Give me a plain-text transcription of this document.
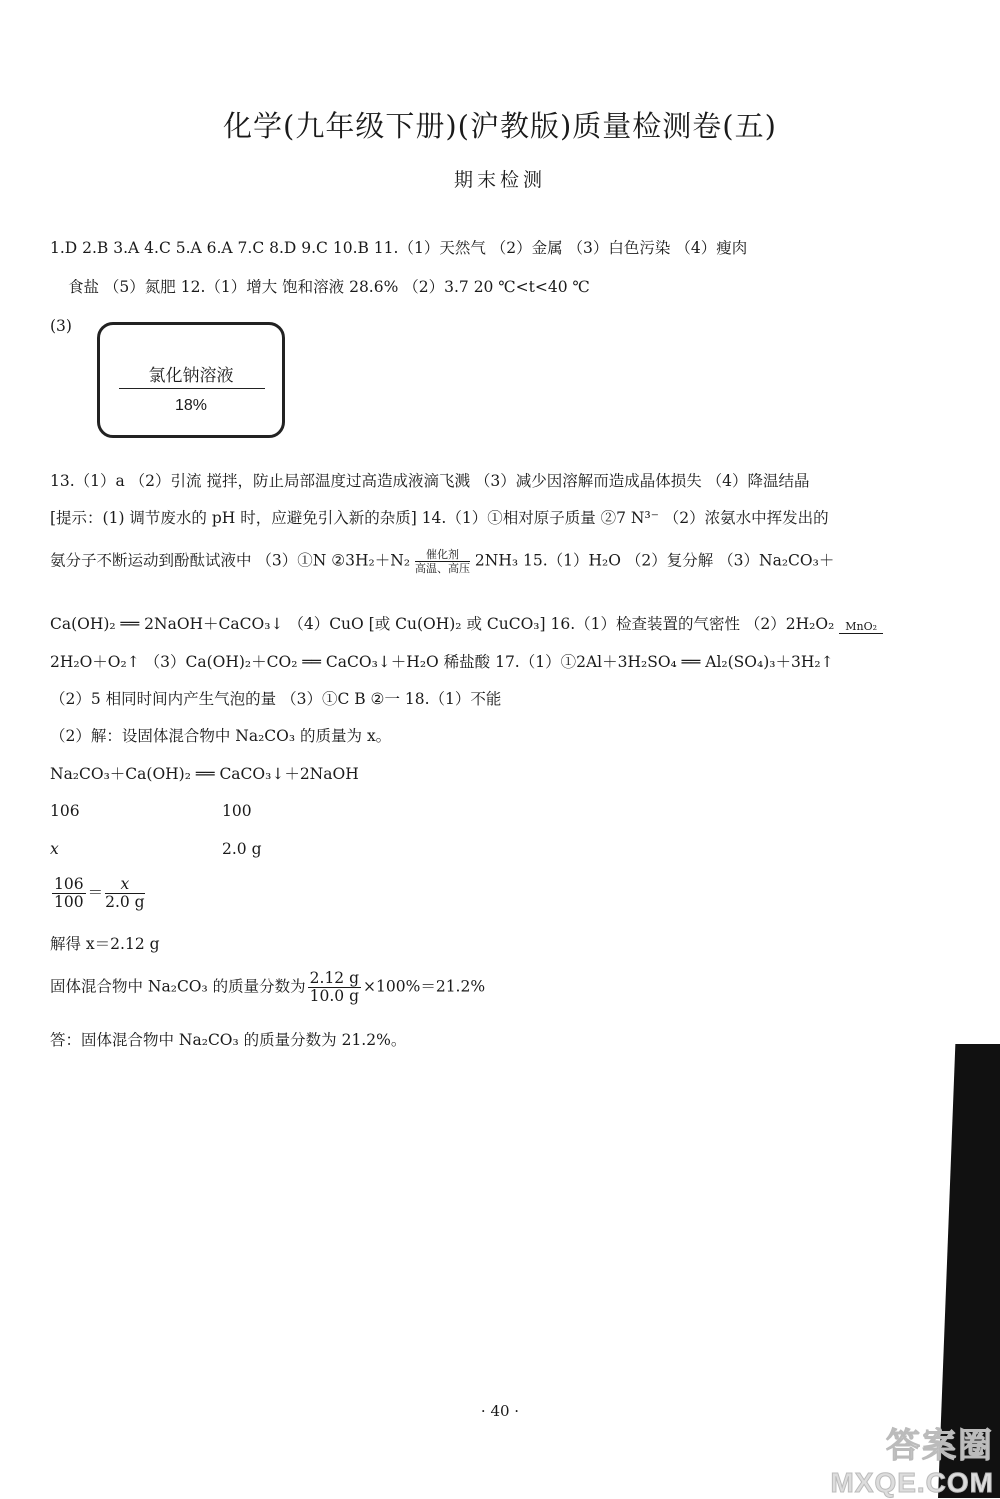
化学(九年级下册)(沪教版)质量检测卷(五)
期末检测
1.D 2.B 3.A 4.C 5.A 6.A 7.C 8.D 9.C 10.B 11.（1）天然气 （2）金属 （3）白色污染 （4）瘦肉
食盐 （5）氮肥 12.（1）增大 饱和溶液 28.6% （2）3.7 20 ℃<t<40 ℃
(3)
氯化钠溶液
18%
13.（1）a （2）引流 搅拌，防止局部温度过高造成液滴飞溅 （3）减少因溶解而造成晶体损失 （4）降温结晶
[提示：(1) 调节废水的 pH 时，应避免引入新的杂质] 14.（1）①相对原子质量 ②7 N³⁻ （2）浓氨水中挥发出的
氨分子不断运动到酚酞试液中 （3）①N ②3H₂＋N₂	催化剂
高温、高压 2NH₃ 15.（1）H₂O （2）复分解 （3）Na₂CO₃＋
Ca(OH)₂ ══ 2NaOH＋CaCO₃↓ （4）CuO [或 Cu(OH)₂ 或 CuCO₃] 16.（1）检查装置的气密性 （2）2H₂O₂ MnO₂
2H₂O＋O₂↑ （3）Ca(OH)₂＋CO₂ ══ CaCO₃↓＋H₂O 稀盐酸 17.（1）①2Al＋3H₂SO₄ ══ Al₂(SO₄)₃＋3H₂↑
（2）5 相同时间内产生气泡的量 （3）①C B ②一 18.（1）不能
（2）解：设固体混合物中 Na₂CO₃ 的质量为 x。
Na₂CO₃＋Ca(OH)₂ ══ CaCO₃↓＋2NaOH
106	100
x	2.0 g
$\frac{106}{100} = \frac{x}{2.0 g}$
解得 x＝2.12 g
固体混合物中 Na₂CO₃ 的质量分数为 $\frac{2.12 g}{10.0 g} \times 100\%=21.2\%$
答：固体混合物中 Na₂CO₃ 的质量分数为 21.2%。
· 40 ·
答案圈
MXQE.COM
